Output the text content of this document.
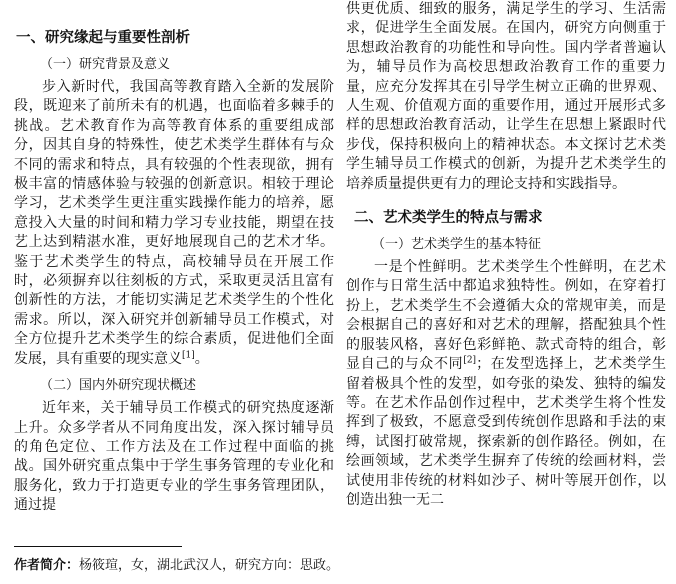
一、研究缘起与重要性剖析
（一）研究背景及意义

步入新时代，我国高等教育踏入全新的发展阶段，既迎来了前所未有的机遇，也面临着多棘手的挑战。艺术教育作为高等教育体系的重要组成部分，因其自身的特殊性，使艺术类学生群体有与众不同的需求和特点，具有较强的个性表现欲，拥有极丰富的情感体验与较强的创新意识。相较于理论学习，艺术类学生更注重实践操作能力的培养，愿意投入大量的时间和精力学习专业技能，期望在技艺上达到精湛水准，更好地展现自己的艺术才华。鉴于艺术类学生的特点，高校辅导员在开展工作时，必须摒弃以往刻板的方式，采取更灵活且富有创新性的方法，才能切实满足艺术类学生的个性化需求。所以，深入研究并创新辅导员工作模式，对全方位提升艺术类学生的综合素质，促进他们全面发展，具有重要的现实意义[1]。

（二）国内外研究现状概述

近年来，关于辅导员工作模式的研究热度逐渐上升。众多学者从不同角度出发，深入探讨辅导员的角色定位、工作方法及在工作过程中面临的挑战。国外研究重点集中于学生事务管理的专业化和服务化，致力于打造更专业的学生事务管理团队，通过提

供更优质、细致的服务，满足学生的学习、生活需求，促进学生全面发展。在国内，研究方向侧重于思想政治教育的功能性和导向性。国内学者普遍认为，辅导员作为高校思想政治教育工作的重要力量，应充分发挥其在引导学生树立正确的世界观、人生观、价值观方面的重要作用，通过开展形式多样的思想政治教育活动，让学生在思想上紧跟时代步伐，保持积极向上的精神状态。本文探讨艺术类学生辅导员工作模式的创新，为提升艺术类学生的培养质量提供更有力的理论支持和实践指导。

二、艺术类学生的特点与需求
（一）艺术类学生的基本特征

一是个性鲜明。艺术类学生个性鲜明，在艺术创作与日常生活中都追求独特性。例如，在穿着打扮上，艺术类学生不会遵循大众的常规审美，而是会根据自己的喜好和对艺术的理解，搭配独具个性的服装风格，喜好色彩鲜艳、款式奇特的组合，彰显自己的与众不同[2]；在发型选择上，艺术类学生留着极具个性的发型，如夸张的染发、独特的编发等。在艺术作品创作过程中，艺术类学生将个性发挥到了极致，不愿意受到传统创作思路和手法的束缚，试图打破常规，探索新的创作路径。例如，在绘画领域，艺术类学生摒弃了传统的绘画材料，尝试使用非传统的材料如沙子、树叶等展开创作，以创造出独一无二

作者简介：杨筱瑄，女，湖北武汉人，研究方向：思政。
